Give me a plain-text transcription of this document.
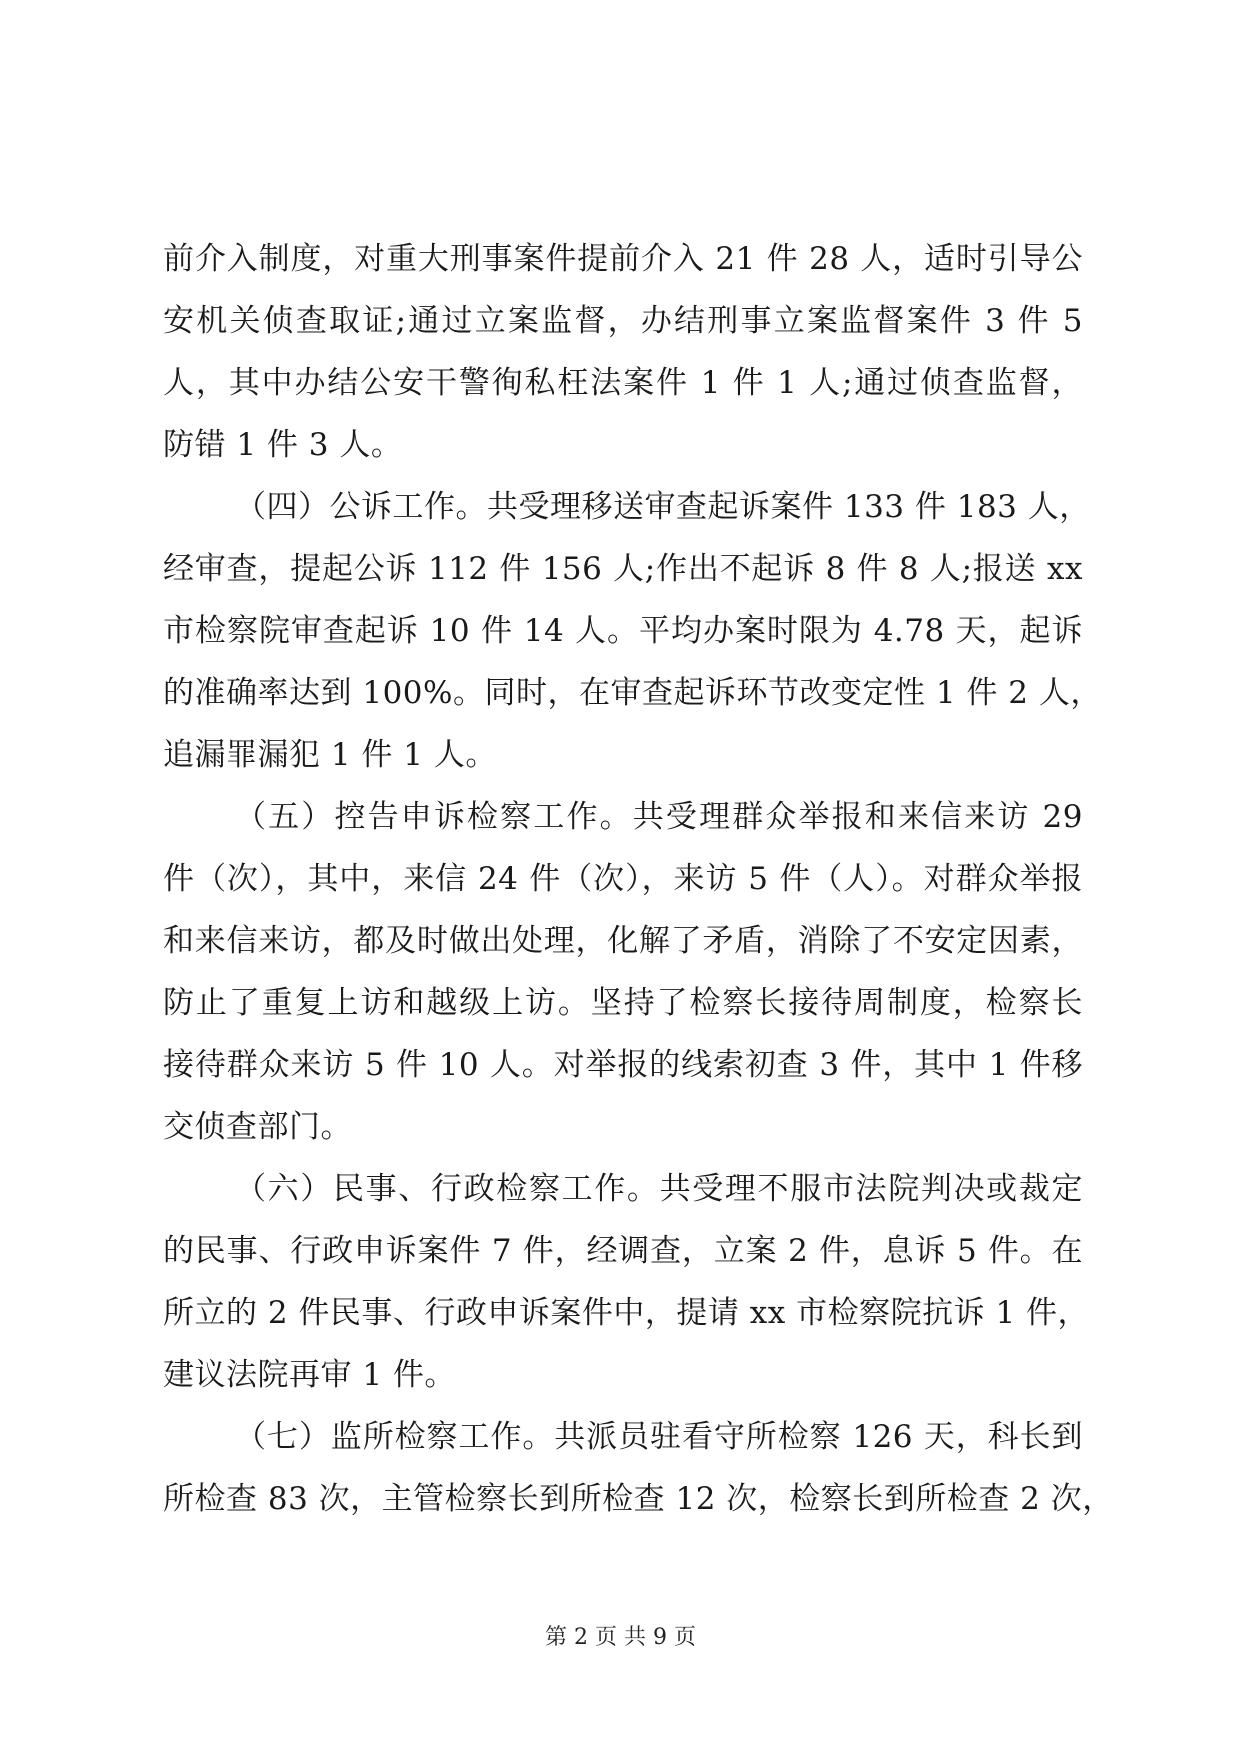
前介入制度，对重大刑事案件提前介入 21 件 28 人，适时引导公
安机关侦查取证;通过立案监督，办结刑事立案监督案件 3 件 5
人，其中办结公安干警徇私枉法案件 1 件 1 人;通过侦查监督，
防错 1 件 3 人。
（四）公诉工作。共受理移送审查起诉案件 133 件 183 人，
经审查，提起公诉 112 件 156 人;作出不起诉 8 件 8 人;报送 xx
市检察院审查起诉 10 件 14 人。平均办案时限为 4.78 天，起诉
的准确率达到 100%。同时，在审查起诉环节改变定性 1 件 2 人，
追漏罪漏犯 1 件 1 人。
（五）控告申诉检察工作。共受理群众举报和来信来访 29
件（次），其中，来信 24 件（次），来访 5 件（人）。对群众举报
和来信来访，都及时做出处理，化解了矛盾，消除了不安定因素，
防止了重复上访和越级上访。坚持了检察长接待周制度，检察长
接待群众来访 5 件 10 人。对举报的线索初查 3 件，其中 1 件移
交侦查部门。
（六）民事、行政检察工作。共受理不服市法院判决或裁定
的民事、行政申诉案件 7 件，经调查，立案 2 件，息诉 5 件。在
所立的 2 件民事、行政申诉案件中，提请 xx 市检察院抗诉 1 件，
建议法院再审 1 件。
（七）监所检察工作。共派员驻看守所检察 126 天，科长到
所检查 83 次，主管检察长到所检查 12 次，检察长到所检查 2 次，
第 2 页 共 9 页
